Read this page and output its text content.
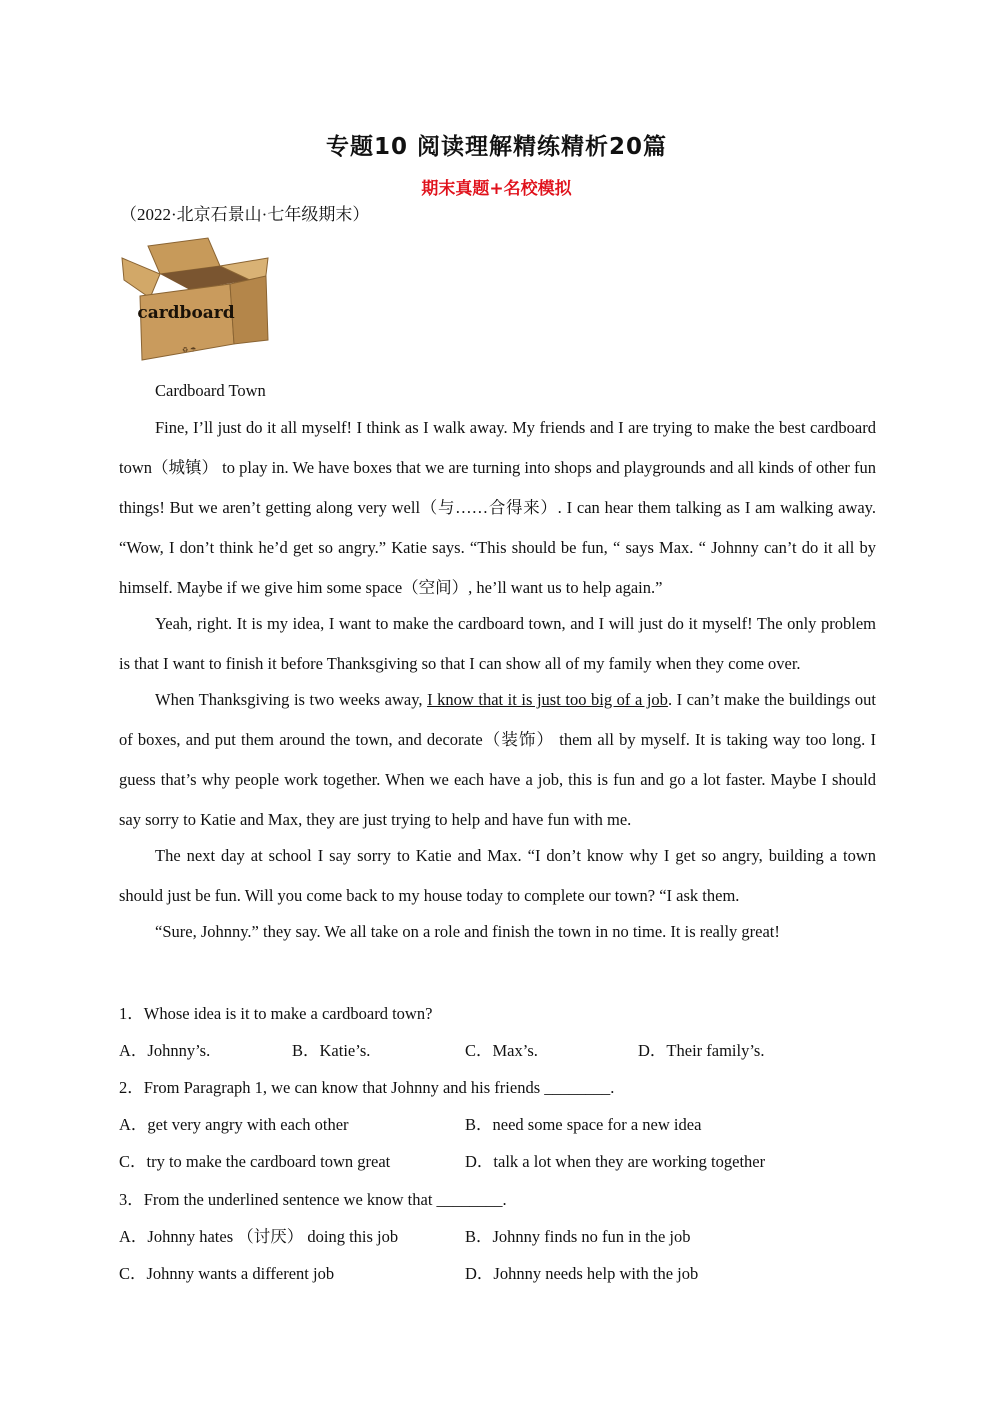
专题10 阅读理解精练精析20篇
期末真题+名校模拟
（2022·北京石景山·七年级期末）
cardboard
♻ ☂
Cardboard Town

Fine, I’ll just do it all myself! I think as I walk away. My friends and I are trying to make the best cardboard town（城镇） to play in. We have boxes that we are turning into shops and playgrounds and all kinds of other fun things! But we aren’t getting along very well（与……合得来）. I can hear them talking as I am walking away. “Wow, I don’t think he’d get so angry.” Katie says. “This should be fun, “ says Max. “ Johnny can’t do it all by himself. Maybe if we give him some space（空间）, he’ll want us to help again.”

Yeah, right. It is my idea, I want to make the cardboard town, and I will just do it myself! The only problem is that I want to finish it before Thanksgiving so that I can show all of my family when they come over.

When Thanksgiving is two weeks away, I know that it is just too big of a job. I can’t make the buildings out of boxes, and put them around the town, and decorate（装饰） them all by myself. It is taking way too long. I guess that’s why people work together. When we each have a job, this is fun and go a lot faster. Maybe I should say sorry to Katie and Max, they are just trying to help and have fun with me.

The next day at school I say sorry to Katie and Max. “I don’t know why I get so angry, building a town should just be fun. Will you come back to my house today to complete our town? “I ask them.

“Sure, Johnny.” they say. We all take on a role and finish the town in no time. It is really great!

1．Whose idea is it to make a cardboard town?
A．Johnny’s.	B．Katie’s.	C．Max’s.	D．Their family’s.
2．From Paragraph 1, we can know that Johnny and his friends ________.
A．get very angry with each other	B．need some space for a new idea
C．try to make the cardboard town great	D．talk a lot when they are working together
3．From the underlined sentence we know that ________.
A．Johnny hates （讨厌） doing this job	B．Johnny finds no fun in the job
C．Johnny wants a different job	D．Johnny needs help with the job
